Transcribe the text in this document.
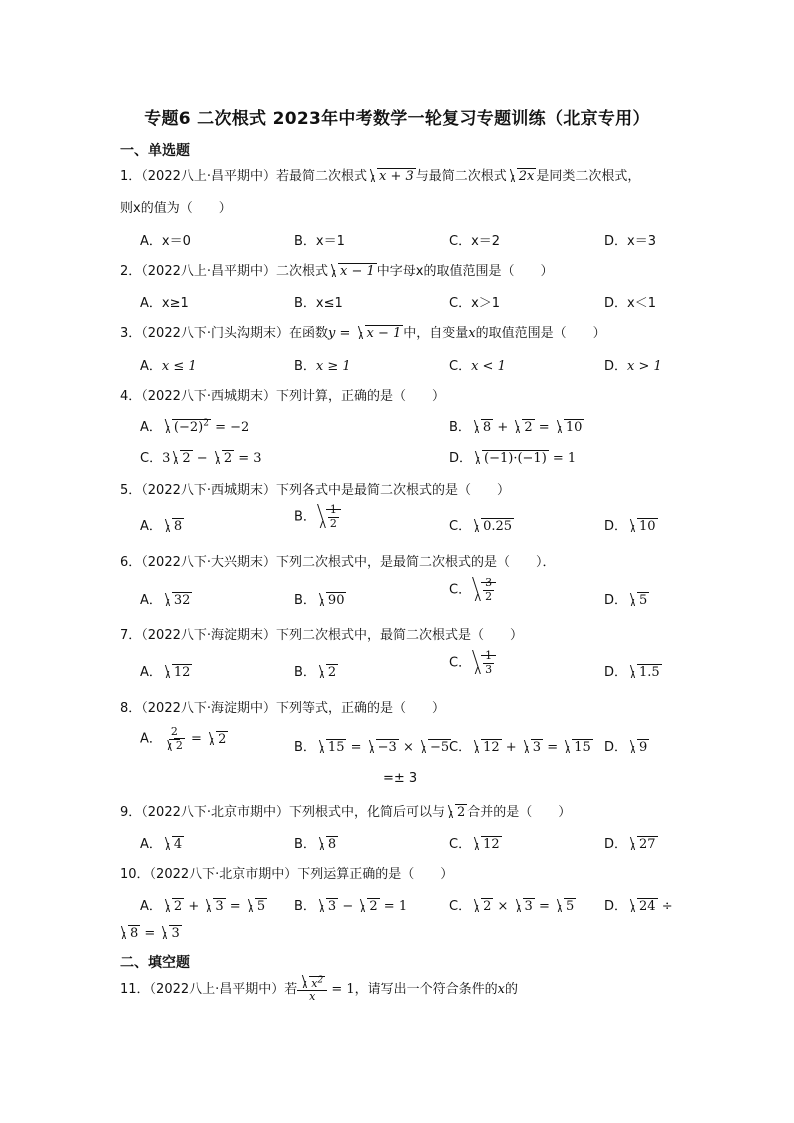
专题6 二次根式 2023年中考数学一轮复习专题训练（北京专用）
一、单选题
1．（2022八上·昌平期中）若最简二次根式 x + 3 与最简二次根式 2x 是同类二次根式，
则x的值为（　　）
A．x＝0	B．x＝1	C．x＝2	D．x＝3
2．（2022八上·昌平期中）二次根式 x − 1 中字母x的取值范围是（　　）
A．x≥1	B．x≤1	C．x＞1	D．x＜1
3．（2022八下·门头沟期末）在函数y = x − 1 中，自变量x的取值范围是（　　）
A．x ≤ 1	B．x ≥ 1	C．x < 1	D．x > 1
4．（2022八下·西城期末）下列计算，正确的是（　　）
A． $(-2)^2 = -2$	B． 8 + 2 = 10
C．3 2 − 2 = 3	D． (−1)·(−1) = 1
5．（2022八下·西城期末）下列各式中是最简二次根式的是（　　）
A． 8
B． $\frac{1}{2}$	C． 0.25	D． 10
6．（2022八下·大兴期末）下列二次根式中，是最简二次根式的是（　　）．
A． 32	B． 90
C． $\frac{3}{2}$	D． 5
7．（2022八下·海淀期末）下列二次根式中，最简二次根式是（　　）
A． 12	B． 2
C． $\frac{1}{3}$	D． 1.5
8．（2022八下·海淀期中）下列等式，正确的是（　　）
A． $\frac{2}{2} = 2$
B． 15 = −3 × −5 C． 12 + 3 = 15 D． 9
=± 3
9．（2022八下·北京市期中）下列根式中，化简后可以与 2 合并的是（　　）
A． 4	B． 8	C． 12	D． 27
10．（2022八下·北京市期中）下列运算正确的是（　　）
A． 2 + 3 = 5 B． 3 − 2 = 1	C． 2 × 3 = 5 D． 24 ÷
8 = 3
二、填空题
11．（2022八上·昌平期中）若 $\frac{x^2}{x} = 1$，请写出一个符合条件的x的
